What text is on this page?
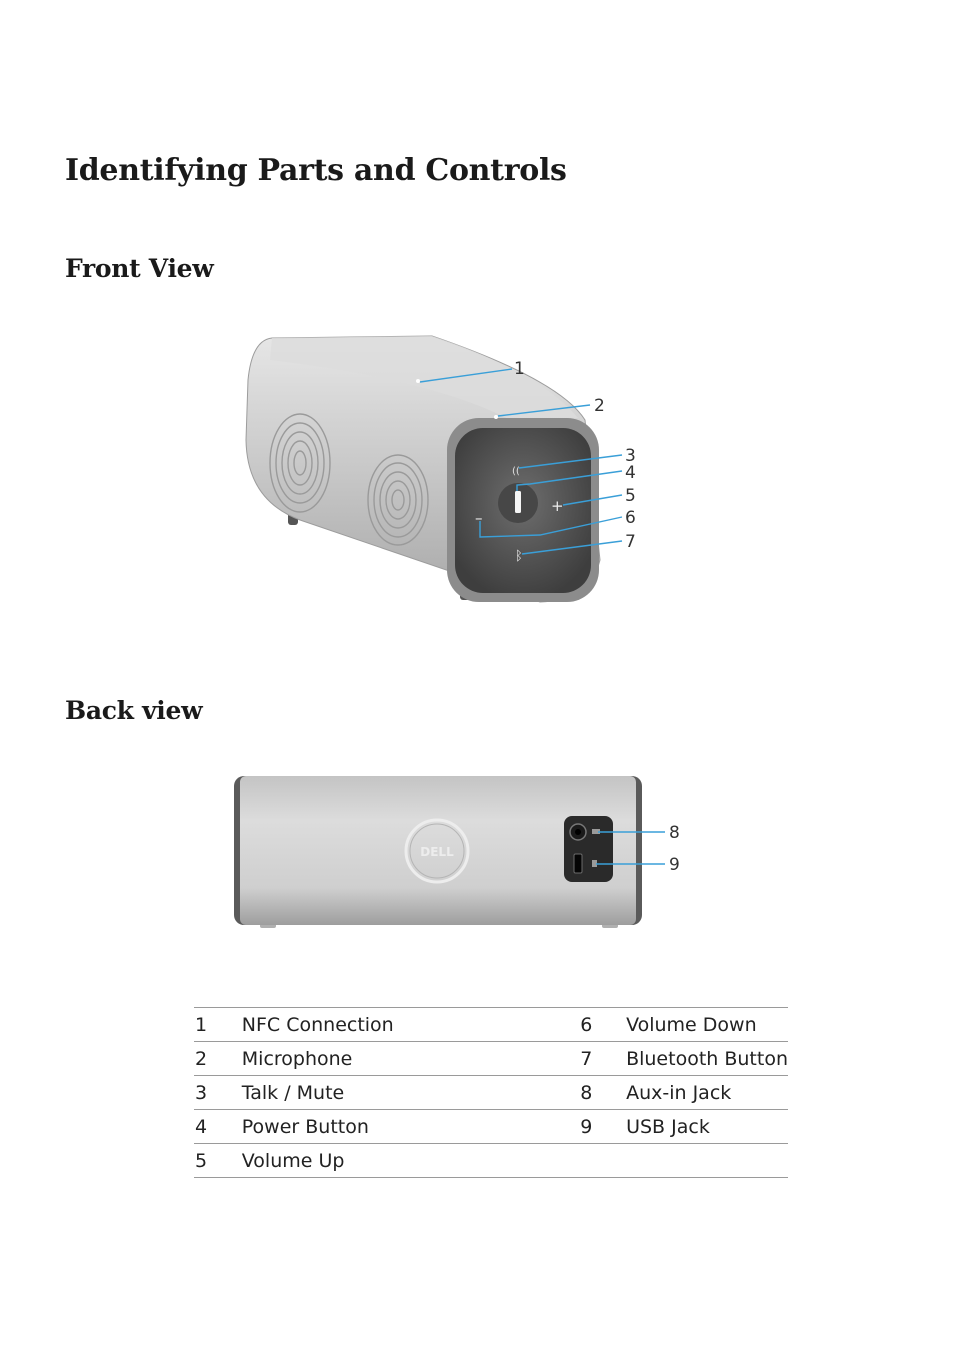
Identifying Parts and Controls
Front View
Back view
((
+
–
ᛒ
1
2
3
4
5
6
7
DELL
8
9
1	NFC Connection	6	Volume Down
2	Microphone	7	Bluetooth Button
3	Talk / Mute	8	Aux-in Jack
4	Power Button	9	USB Jack
5	Volume Up		
